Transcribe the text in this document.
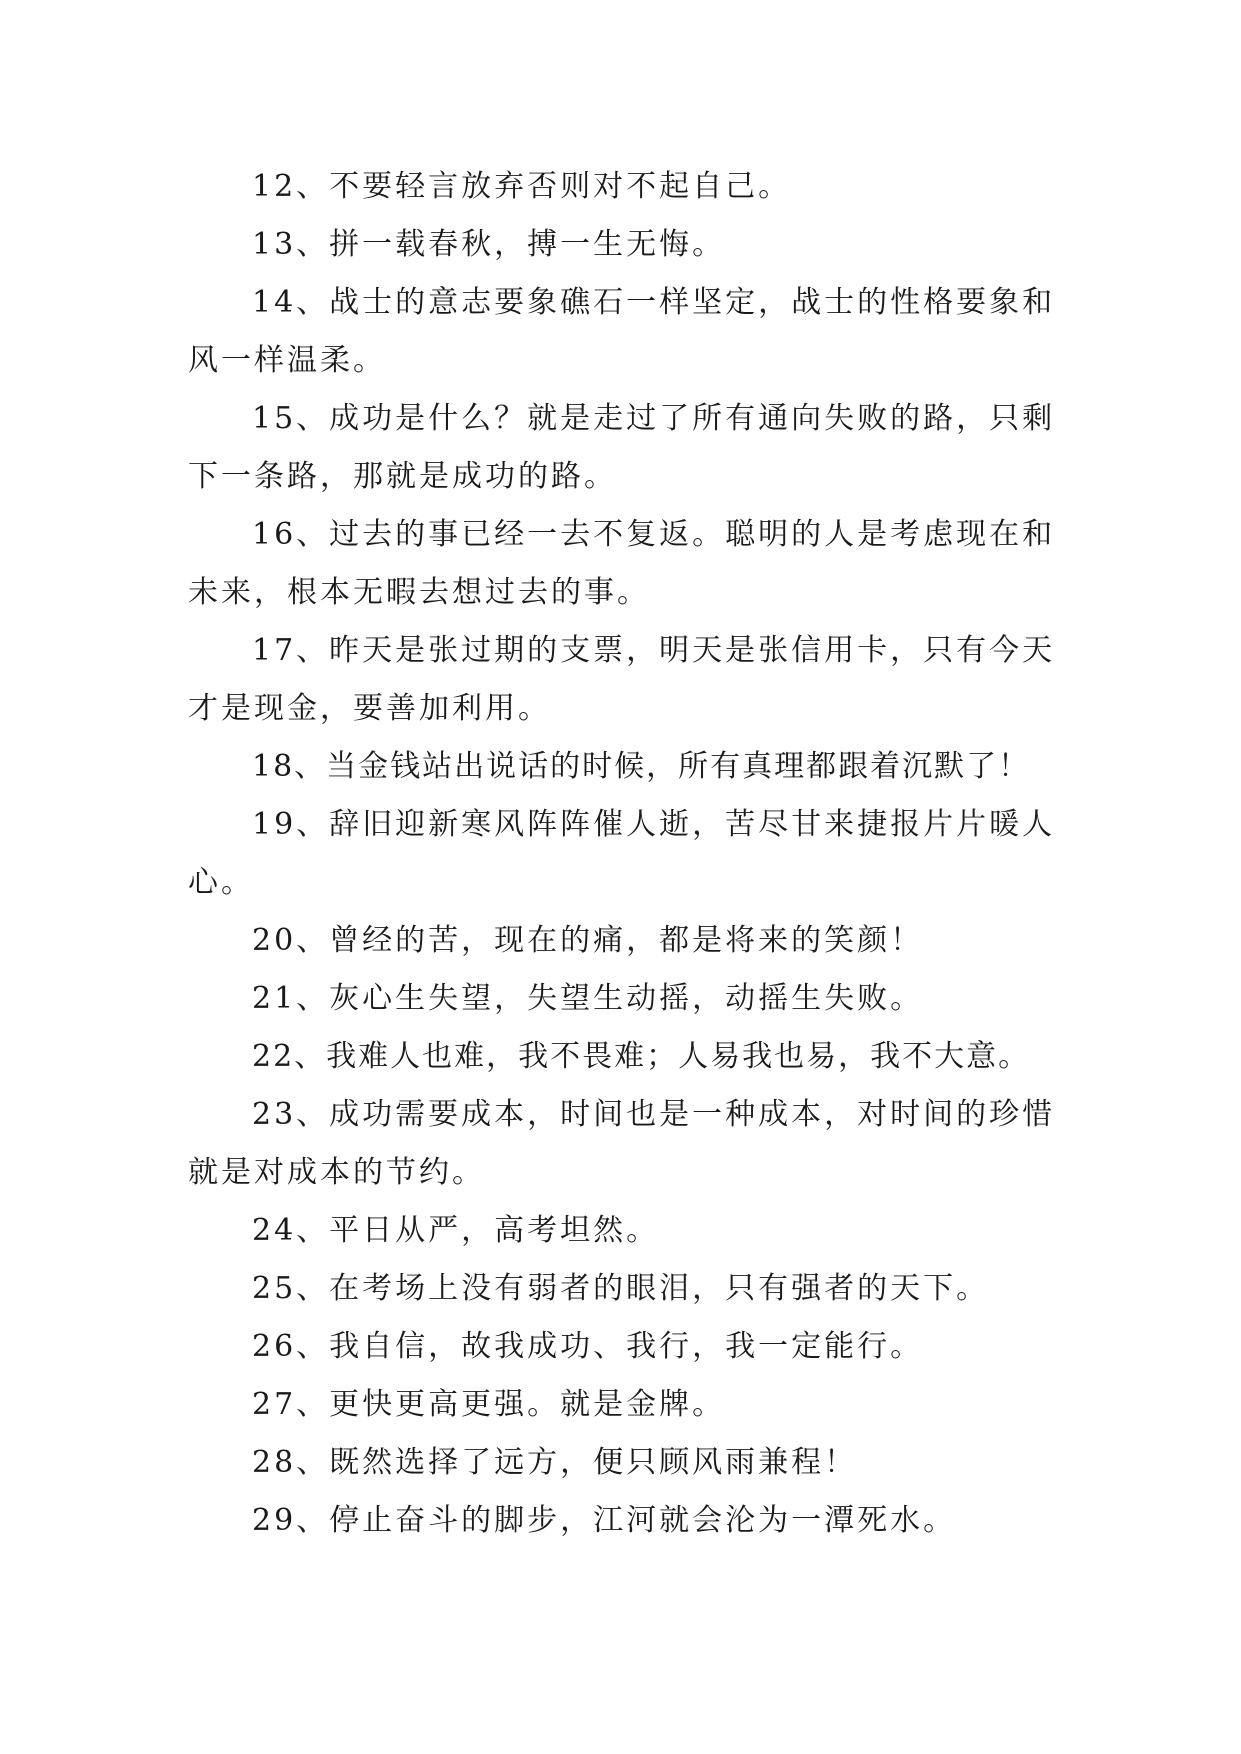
12、不要轻言放弃否则对不起自己。

13、拼一载春秋，搏一生无悔。

14、战士的意志要象礁石一样坚定，战士的性格要象和风一样温柔。

15、成功是什么？就是走过了所有通向失败的路，只剩下一条路，那就是成功的路。

16、过去的事已经一去不复返。聪明的人是考虑现在和未来，根本无暇去想过去的事。

17、昨天是张过期的支票，明天是张信用卡，只有今天才是现金，要善加利用。

18、当金钱站出说话的时候，所有真理都跟着沉默了！

19、辞旧迎新寒风阵阵催人逝，苦尽甘来捷报片片暖人心。

20、曾经的苦，现在的痛，都是将来的笑颜！

21、灰心生失望，失望生动摇，动摇生失败。

22、我难人也难，我不畏难；人易我也易，我不大意。

23、成功需要成本，时间也是一种成本，对时间的珍惜就是对成本的节约。

24、平日从严，高考坦然。

25、在考场上没有弱者的眼泪，只有强者的天下。

26、我自信，故我成功、我行，我一定能行。

27、更快更高更强。就是金牌。

28、既然选择了远方，便只顾风雨兼程！

29、停止奋斗的脚步，江河就会沦为一潭死水。
